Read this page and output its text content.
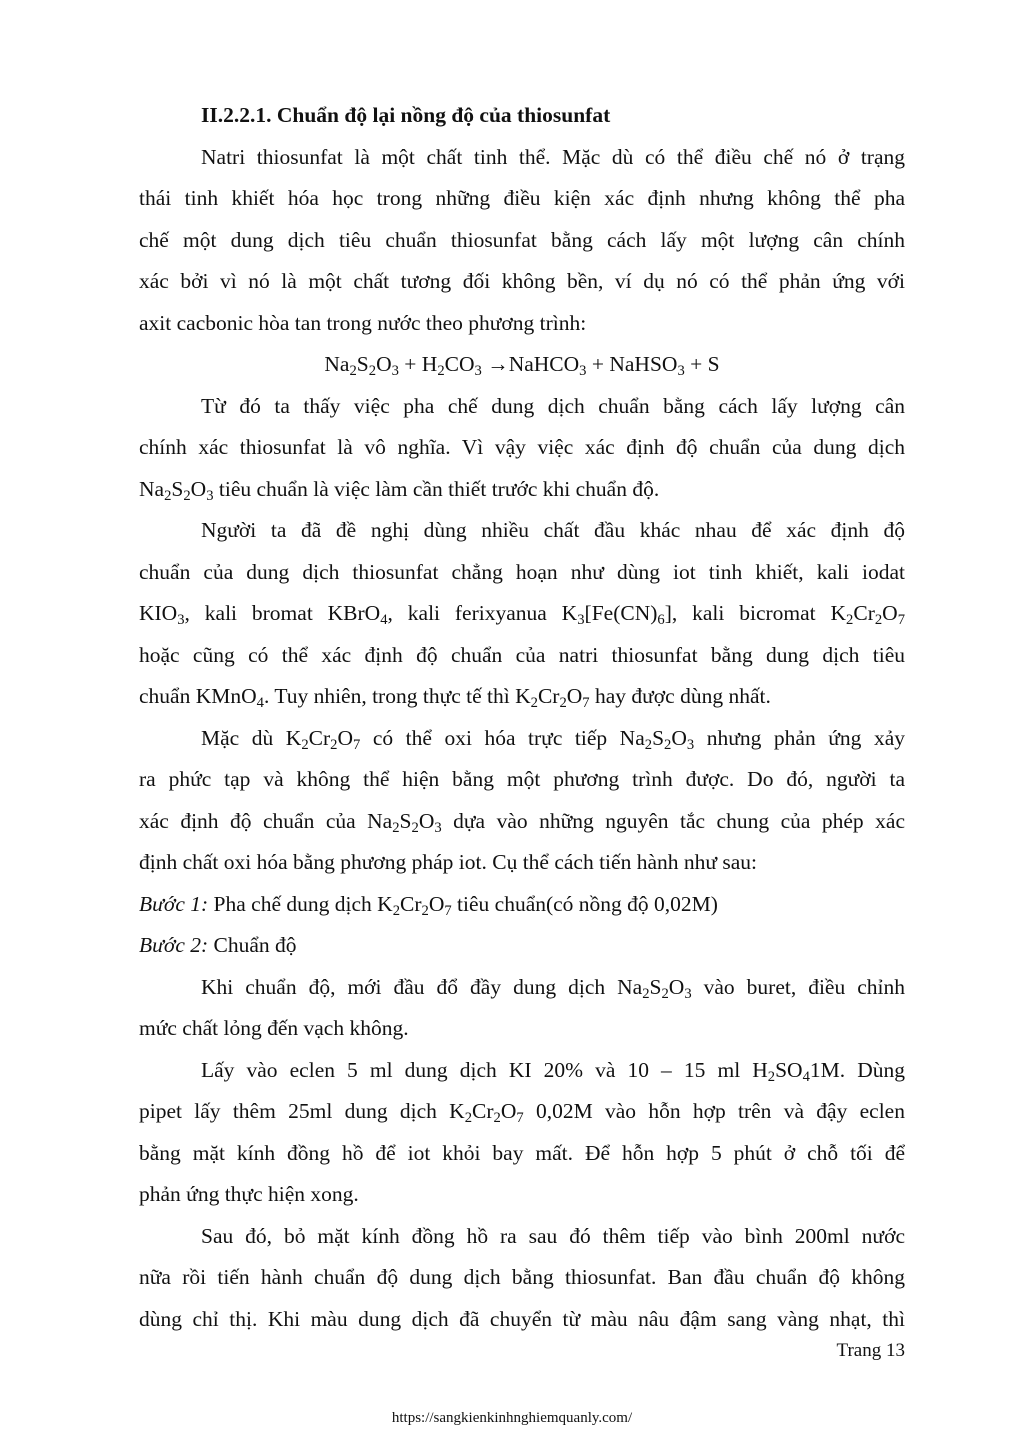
II.2.2.1. Chuẩn độ lại nồng độ của thiosunfat
Natri thiosunfat là một chất tinh thể. Mặc dù có thể điều chế nó ở trạng
thái tinh khiết hóa học trong những điều kiện xác định nhưng không thể pha
chế một dung dịch tiêu chuẩn thiosunfat bằng cách lấy một lượng cân chính
xác bởi vì nó là một chất tương đối không bền, ví dụ nó có thể phản ứng với
axit cacbonic hòa tan trong nước theo phương trình:
$Na_2S_2O_3 + H_2CO_3$ →NaHCO$_3$ + NaHSO$_3$ + S
Từ đó ta thấy việc pha chế dung dịch chuẩn bằng cách lấy lượng cân
chính xác thiosunfat là vô nghĩa. Vì vậy việc xác định độ chuẩn của dung dịch
$Na_2S_2O_3$ tiêu chuẩn là việc làm cần thiết trước khi chuẩn độ.
Người ta đã đề nghị dùng nhiều chất đầu khác nhau để xác định độ
chuẩn của dung dịch thiosunfat chẳng hoạn như dùng iot tinh khiết, kali iodat
$KIO_3$, kali bromat KBrO$_4$, kali ferixyanua $K_3[Fe(CN)_6]$, kali bicromat $K_2Cr_2O_7$
hoặc cũng có thể xác định độ chuẩn của natri thiosunfat bằng dung dịch tiêu
chuẩn KMnO$_4$. Tuy nhiên, trong thực tế thì $K_2Cr_2O_7$ hay được dùng nhất.
Mặc dù $K_2Cr_2O_7$ có thể oxi hóa trực tiếp $Na_2S_2O_3$ nhưng phản ứng xảy
ra phức tạp và không thể hiện bằng một phương trình được. Do đó, người ta
xác định độ chuẩn của $Na_2S_2O_3$ dựa vào những nguyên tắc chung của phép xác
định chất oxi hóa bằng phương pháp iot. Cụ thể cách tiến hành như sau:
Bước 1: Pha chế dung dịch $K_2Cr_2O_7$ tiêu chuẩn(có nồng độ 0,02M)
Bước 2: Chuẩn độ
Khi chuẩn độ, mới đầu đổ đầy dung dịch $Na_2S_2O_3$ vào buret, điều chỉnh
mức chất lỏng đến vạch không.
Lấy vào eclen 5 ml dung dịch KI 20% và 10 – 15 ml $H_2SO_41M$. Dùng
pipet lấy thêm 25ml dung dịch $K_2Cr_2O_7$ 0,02M vào hỗn hợp trên và đậy eclen
bằng mặt kính đồng hồ để iot khỏi bay mất. Để hỗn hợp 5 phút ở chỗ tối để
phản ứng thực hiện xong.
Sau đó, bỏ mặt kính đồng hồ ra sau đó thêm tiếp vào bình 200ml nước
nữa rồi tiến hành chuẩn độ dung dịch bằng thiosunfat. Ban đầu chuẩn độ không
dùng chỉ thị. Khi màu dung dịch đã chuyển từ màu nâu đậm sang vàng nhạt, thì
Trang 13
https://sangkienkinhnghiemquanly.com/
